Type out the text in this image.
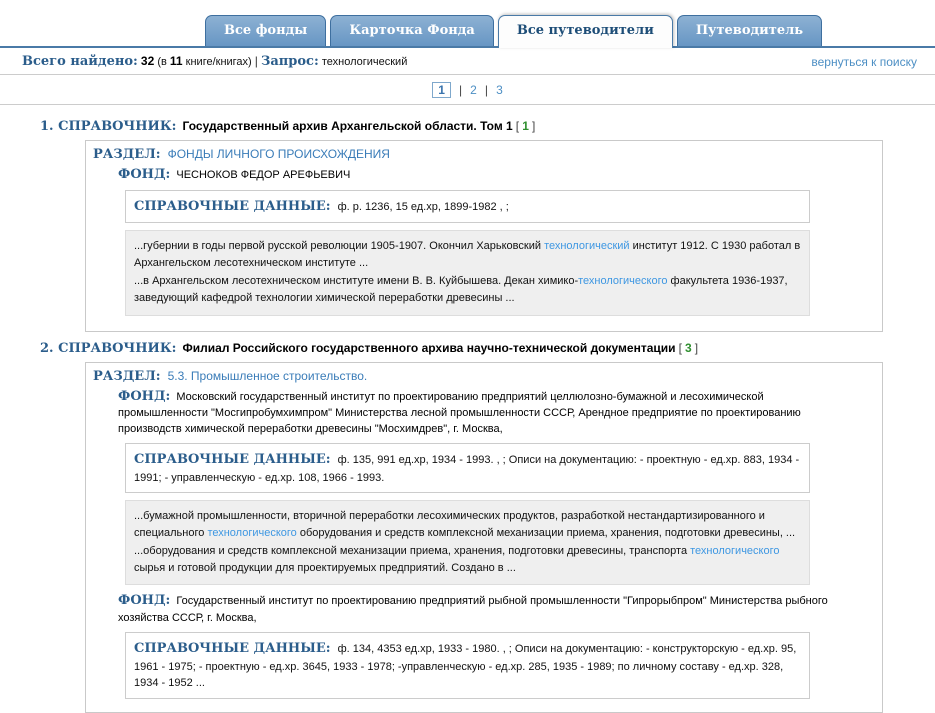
Все фонды	Карточка Фонда	Все путеводители	Путеводитель
Всего найдено: 32 (в 11 книге/книгах) | Запрос: технологический	вернуться к поиску
1 | 2 | 3
1. СПРАВОЧНИК: Государственный архив Архангельской области. Том 1 [ 1 ]
РАЗДЕЛ: ФОНДЫ ЛИЧНОГО ПРОИСХОЖДЕНИЯ
ФОНД: ЧЕСНОКОВ ФЕДОР АРЕФЬЕВИЧ
СПРАВОЧНЫЕ ДАННЫЕ: ф. р. 1236, 15 ед.хр, 1899-1982 , ;
...губернии в годы первой русской революции 1905-1907. Окончил Харьковский технологический институт 1912. С 1930 работал в Архангельском лесотехническом институте ...
...в Архангельском лесотехническом институте имени В. В. Куйбышева. Декан химико-технологического факультета 1936-1937, заведующий кафедрой технологии химической переработки древесины ...
2. СПРАВОЧНИК: Филиал Российского государственного архива научно-технической документации [ 3 ]
РАЗДЕЛ: 5.3. Промышленное строительство.
ФОНД: Московский государственный институт по проектированию предприятий целлюлозно-бумажной и лесохимической промышленности "Мосгипробумхимпром" Министерства лесной промышленности СССР, Арендное предприятие по проектированию производств химической переработки древесины "Мосхимдрев", г. Москва,
СПРАВОЧНЫЕ ДАННЫЕ: ф. 135, 991 ед.хр, 1934 - 1993. , ; Описи на документацию: - проектную - ед.хр. 883, 1934 - 1991; - управленческую - ед.хр. 108, 1966 - 1993.
...бумажной промышленности, вторичной переработки лесохимических продуктов, разработкой нестандартизированного и специального технологического оборудования и средств комплексной механизации приема, хранения, подготовки древесины, ...
...оборудования и средств комплексной механизации приема, хранения, подготовки древесины, транспорта технологического сырья и готовой продукции для проектируемых предприятий. Создано в ...
ФОНД: Государственный институт по проектированию предприятий рыбной промышленности "Гипрорыбпром" Министерства рыбного хозяйства СССР, г. Москва,
СПРАВОЧНЫЕ ДАННЫЕ: ф. 134, 4353 ед.хр, 1933 - 1980. , ; Описи на документацию: - конструкторскую - ед.хр. 95, 1961 - 1975; - проектную - ед.хр. 3645, 1933 - 1978; -управленческую - ед.хр. 285, 1935 - 1989; по личному составу - ед.хр. 328, 1934 - 1952 ...
